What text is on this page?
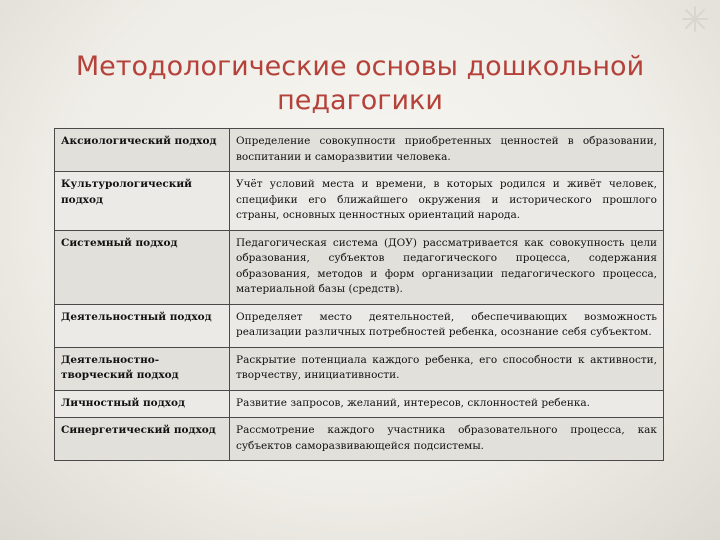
Методологические основы дошкольной педагогики
Аксиологический подход	Определение совокупности приобретенных ценностей в образовании, воспитании и саморазвитии человека.
Культурологический подход	Учёт условий места и времени, в которых родился и живёт человек, специфики его ближайшего окружения и исторического прошлого страны, основных ценностных ориентаций народа.
Системный подход	Педагогическая система (ДОУ) рассматривается как совокупность цели образования, субъектов педагогического процесса, содержания образования, методов и форм организации педагогического процесса, материальной базы (средств).
Деятельностный подход	Определяет место деятельностей, обеспечивающих возможность реализации различных потребностей ребенка, осознание себя субъектом.
Деятельностно-творческий подход	Раскрытие потенциала каждого ребенка, его способности к активности, творчеству, инициативности.
Личностный подход	Развитие запросов, желаний, интересов, склонностей ребенка.
Синергетический подход	Рассмотрение каждого участника образовательного процесса, как субъектов саморазвивающейся подсистемы.
